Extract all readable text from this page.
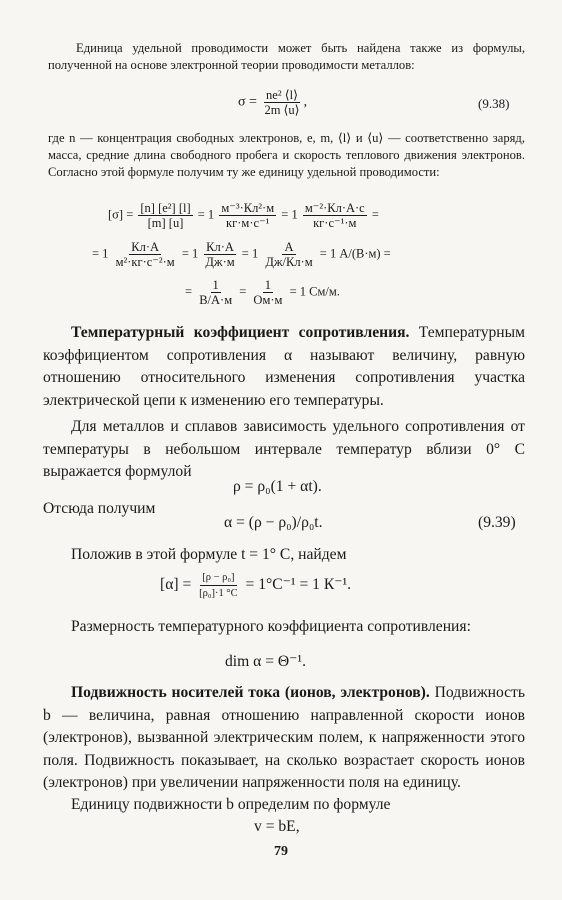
Единица удельной проводимости может быть найдена также из формулы, полученной на основе электронной теории проводимости металлов:
$\sigma = \frac{\text{ne² ⟨l⟩}}{2m ⟨u⟩}$ ,	(9.38)
где n — концентрация свободных электронов, e, m, ⟨l⟩ и ⟨u⟩ — соответственно заряд, масса, средние длина свободного пробега и скорость теплового движения электронов. Согласно этой формуле получим ту же единицу удельной проводимости:
$[\sigma] = \frac{\text{[n] [e²] [l]}}{[m] [u]} = 1 \frac{\text{м⁻³·Кл²·м}}{\text{кг·м·с⁻¹}} = 1 \frac{\text{м⁻²·Кл·А·с}}{\text{кг·с⁻¹·м}}$ =
= $1 \frac{Кл\cdot А}{\text{м²·кг·с⁻²·м}} = 1 \frac{Кл\cdot А}{Дж\cdot м} = 1 \frac{А}{Дж/Кл\cdot м} = 1$ А/(В·м) =
= $\frac{1}{В/А\cdot м} = \frac{1}{Ом\cdot м} = 1$ См/м.
Температурный коэффициент сопротивления. Температурным коэффициентом сопротивления α называют величину, равную отношению относительного изменения сопротивления участка электрической цепи к изменению его температуры.
Для металлов и сплавов зависимость удельного сопротивления от температуры в небольшом интервале температур вблизи 0° С выражается формулой
ρ = ρ₀(1 + αt).
Отсюда получим
α = (ρ − ρ₀)/ρ₀t.	(9.39)
Положив в этой формуле t = 1° С, найдем
$[\alpha] = \frac{\text{[ρ − ρ₀]}}{\text{[ρ₀]·1 °С}} = 1^\circ С^{-1} = 1$ К⁻¹.
Размерность температурного коэффициента сопротивления:
dim α = Θ⁻¹.
Подвижность носителей тока (ионов, электронов). Подвижность b — величина, равная отношению направленной скорости ионов (электронов), вызванной электрическим полем, к напряженности этого поля. Подвижность показывает, на сколько возрастает скорость ионов (электронов) при увеличении напряженности поля на единицу.
Единицу подвижности b определим по формуле
v = bE,
79
